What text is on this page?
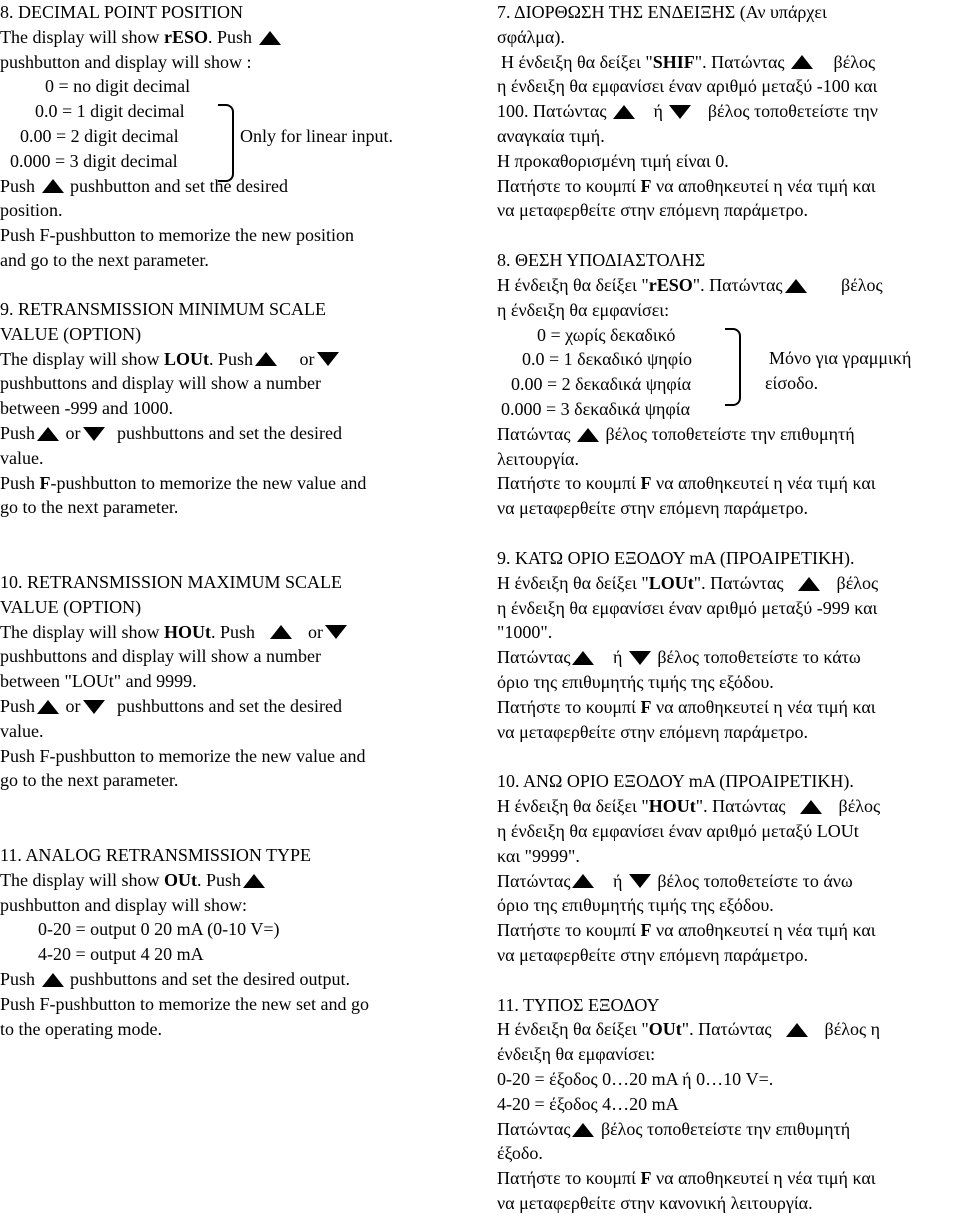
8. DECIMAL POINT POSITION
The display will show rESO. Push
pushbutton and display will show :
0 = no digit decimal
0.0 = 1 digit decimal
0.00 = 2 digit decimal
0.000 = 3 digit decimal
Only for linear input.
Push pushbutton and set the desired
position.
Push F-pushbutton to memorize the new position
and go to the next parameter.
9. RETRANSMISSION MINIMUM SCALE
VALUE (OPTION)
The display will show LOUt. Push	or
pushbuttons and display will show a number
between -999 and 1000.
Push or pushbuttons and set the desired
value.
Push F-pushbutton to memorize the new value and
go to the next parameter.
10. RETRANSMISSION MAXIMUM SCALE
VALUE (OPTION)
The display will show HOUt. Push	or
pushbuttons and display will show a number
between "LOUt" and 9999.
Push or pushbuttons and set the desired
value.
Push F-pushbutton to memorize the new value and
go to the next parameter.
11. ANALOG RETRANSMISSION TYPE
The display will show OUt. Push
pushbutton and display will show:
0-20 = output 0 20 mA (0-10 V=)
4-20 = output 4 20 mA
Push pushbuttons and set the desired output.
Push F-pushbutton to memorize the new set and go
to the operating mode.
7. ΔΙΟΡΘΩΣΗ ΤΗΣ ΕΝΔΕΙΞΗΣ (Αν υπάρχει
σφάλμα).
Η ένδειξη θα δείξει "SHIF". Πατώντας	βέλος
η ένδειξη θα εμφανίσει έναν αριθμό μεταξύ -100 και
100. Πατώντας	ή	βέλος τοποθετείστε την
αναγκαία τιμή.
Η προκαθορισμένη τιμή είναι 0.
Πατήστε το κουμπί F να αποθηκευτεί η νέα τιμή και
να μεταφερθείτε στην επόμενη παράμετρο.
8. ΘΕΣΗ ΥΠΟΔΙΑΣΤΟΛΗΣ
Η ένδειξη θα δείξει "rESO". Πατώντας	βέλος
η ένδειξη θα εμφανίσει:
0 = χωρίς δεκαδικό
0.0 = 1 δεκαδικό ψηφίο
0.00 = 2 δεκαδικά ψηφία
0.000 = 3 δεκαδικά ψηφία
Μόνο για γραμμική
είσοδο.
Πατώντας βέλος τοποθετείστε την επιθυμητή
λειτουργία.
Πατήστε το κουμπί F να αποθηκευτεί η νέα τιμή και
να μεταφερθείτε στην επόμενη παράμετρο.
9. ΚΑΤΩ ΟΡΙΟ ΕΞΟΔΟΥ mA (ΠΡΟΑΙΡΕΤΙΚΗ).
Η ένδειξη θα δείξει "LOUt". Πατώντας	βέλος
η ένδειξη θα εμφανίσει έναν αριθμό μεταξύ -999 και
"1000".
Πατώντας ή βέλος τοποθετείστε το κάτω
όριο της επιθυμητής τιμής της εξόδου.
Πατήστε το κουμπί F να αποθηκευτεί η νέα τιμή και
να μεταφερθείτε στην επόμενη παράμετρο.
10. ΑΝΩ ΟΡΙΟ ΕΞΟΔΟΥ mA (ΠΡΟΑΙΡΕΤΙΚΗ).
Η ένδειξη θα δείξει "HOUt". Πατώντας	βέλος
η ένδειξη θα εμφανίσει έναν αριθμό μεταξύ LOUt
και "9999".
Πατώντας ή βέλος τοποθετείστε το άνω
όριο της επιθυμητής τιμής της εξόδου.
Πατήστε το κουμπί F να αποθηκευτεί η νέα τιμή και
να μεταφερθείτε στην επόμενη παράμετρο.
11. ΤΥΠΟΣ ΕΞΟΔΟΥ
Η ένδειξη θα δείξει "OUt". Πατώντας	βέλος η
ένδειξη θα εμφανίσει:
0-20 = έξοδος 0…20 mA ή 0…10 V=.
4-20 = έξοδος 4…20 mA
Πατώντας βέλος τοποθετείστε την επιθυμητή
έξοδο.
Πατήστε το κουμπί F να αποθηκευτεί η νέα τιμή και
να μεταφερθείτε στην κανονική λειτουργία.
